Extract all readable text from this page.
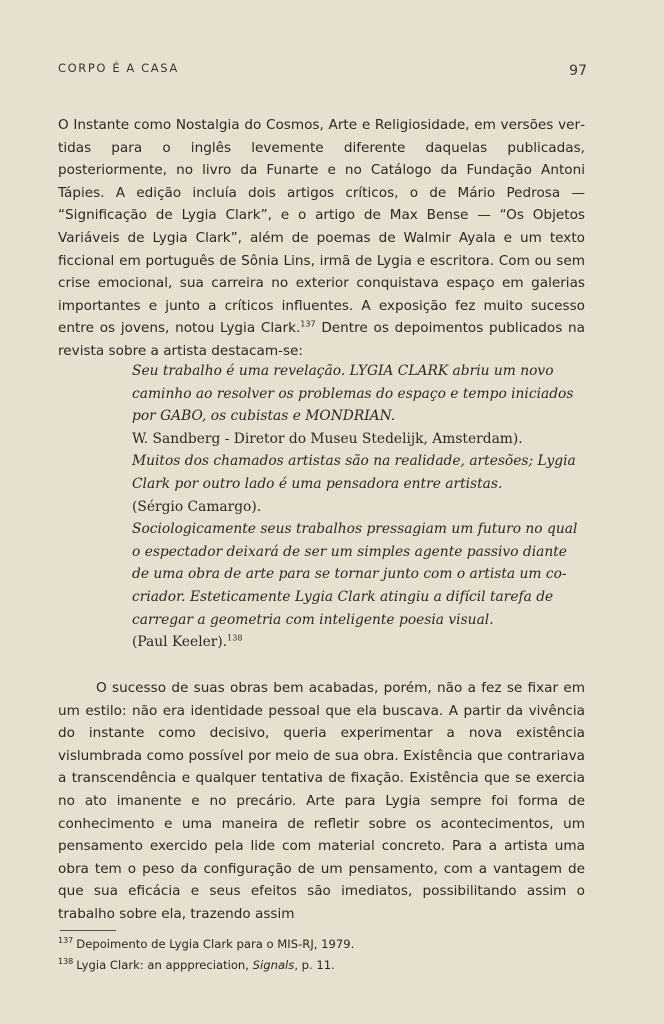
CORPO É A CASA	97
O Instante como Nostalgia do Cosmos, Arte e Religiosidade, em versões vertidas para o inglês levemente diferente daquelas publicadas, posteriormente, no livro da Funarte e no Catálogo da Fundação Antoni Tápies. A edição incluía dois artigos críticos, o de Mário Pedrosa — “Significação de Lygia Clark”, e o artigo de Max Bense — “Os Objetos Variáveis de Lygia Clark”, além de poemas de Walmir Ayala e um texto ficcional em português de Sônia Lins, irmã de Lygia e escritora. Com ou sem crise emocional, sua carreira no exterior conquistava espaço em galerias importantes e junto a críticos influentes. A exposição fez muito sucesso entre os jovens, notou Lygia Clark.$^{137}$ Dentre os depoimentos publicados na revista sobre a artista destacam-se:
Seu trabalho é uma revelação. LYGIA CLARK abriu um novo caminho ao resolver os problemas do espaço e tempo iniciados por GABO, os cubistas e MONDRIAN.
W. Sandberg - Diretor do Museu Stedelijk, Amsterdam).
Muitos dos chamados artistas são na realidade, artesões; Lygia Clark por outro lado é uma pensadora entre artistas.
(Sérgio Camargo).
Sociologicamente seus trabalhos pressagiam um futuro no qual o espectador deixará de ser um simples agente passivo diante de uma obra de arte para se tornar junto com o artista um co-criador. Esteticamente Lygia Clark atingiu a difícil tarefa de carregar a geometria com inteligente poesia visual.
(Paul Keeler).$^{138}$
O sucesso de suas obras bem acabadas, porém, não a fez se fixar em um estilo: não era identidade pessoal que ela buscava. A partir da vivência do instante como decisivo, queria experimentar a nova existência vislumbrada como possível por meio de sua obra. Existência que contrariava a transcendência e qualquer tentativa de fixação. Existência que se exercia no ato imanente e no precário. Arte para Lygia sempre foi forma de conhecimento e uma maneira de refletir sobre os acontecimentos, um pensamento exercido pela lide com material concreto. Para a artista uma obra tem o peso da configuração de um pensamento, com a vantagem de que sua eficácia e seus efeitos são imediatos, possibilitando assim o trabalho sobre ela, trazendo assim
$^{137}$ Depoimento de Lygia Clark para o MIS-RJ, 1979.
$^{138}$ Lygia Clark: an apppreciation, Signals, p. 11.
